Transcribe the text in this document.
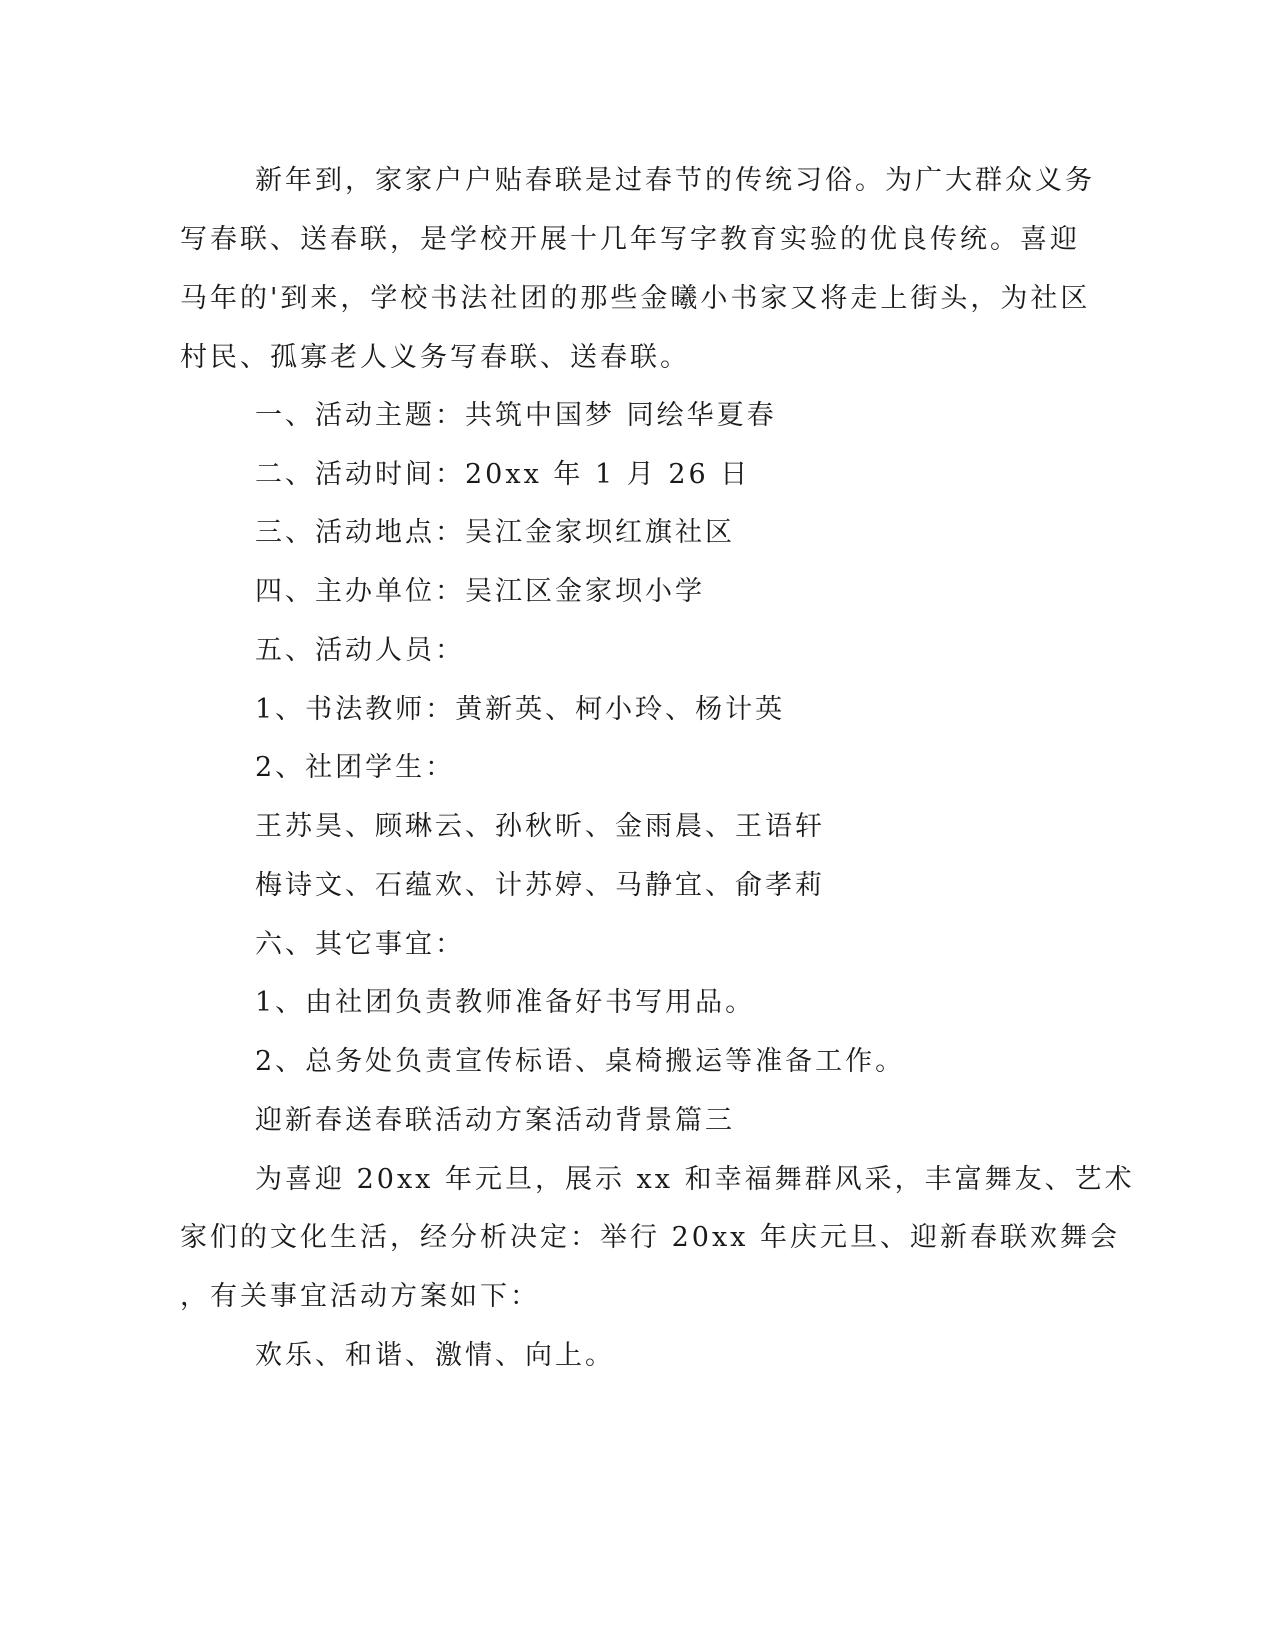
新年到，家家户户贴春联是过春节的传统习俗。为广大群众义务
写春联、送春联，是学校开展十几年写字教育实验的优良传统。喜迎
马年的'到来，学校书法社团的那些金曦小书家又将走上街头，为社区
村民、孤寡老人义务写春联、送春联。
一、活动主题：共筑中国梦 同绘华夏春
二、活动时间：20xx 年 1 月 26 日
三、活动地点：吴江金家坝红旗社区
四、主办单位：吴江区金家坝小学
五、活动人员：
1、书法教师：黄新英、柯小玲、杨计英
2、社团学生：
王苏昊、顾琳云、孙秋昕、金雨晨、王语轩
梅诗文、石蕴欢、计苏婷、马静宜、俞孝莉
六、其它事宜：
1、由社团负责教师准备好书写用品。
2、总务处负责宣传标语、桌椅搬运等准备工作。
迎新春送春联活动方案活动背景篇三
为喜迎 20xx 年元旦，展示 xx 和幸福舞群风采，丰富舞友、艺术
家们的文化生活，经分析决定：举行 20xx 年庆元旦、迎新春联欢舞会
，有关事宜活动方案如下：
欢乐、和谐、激情、向上。
